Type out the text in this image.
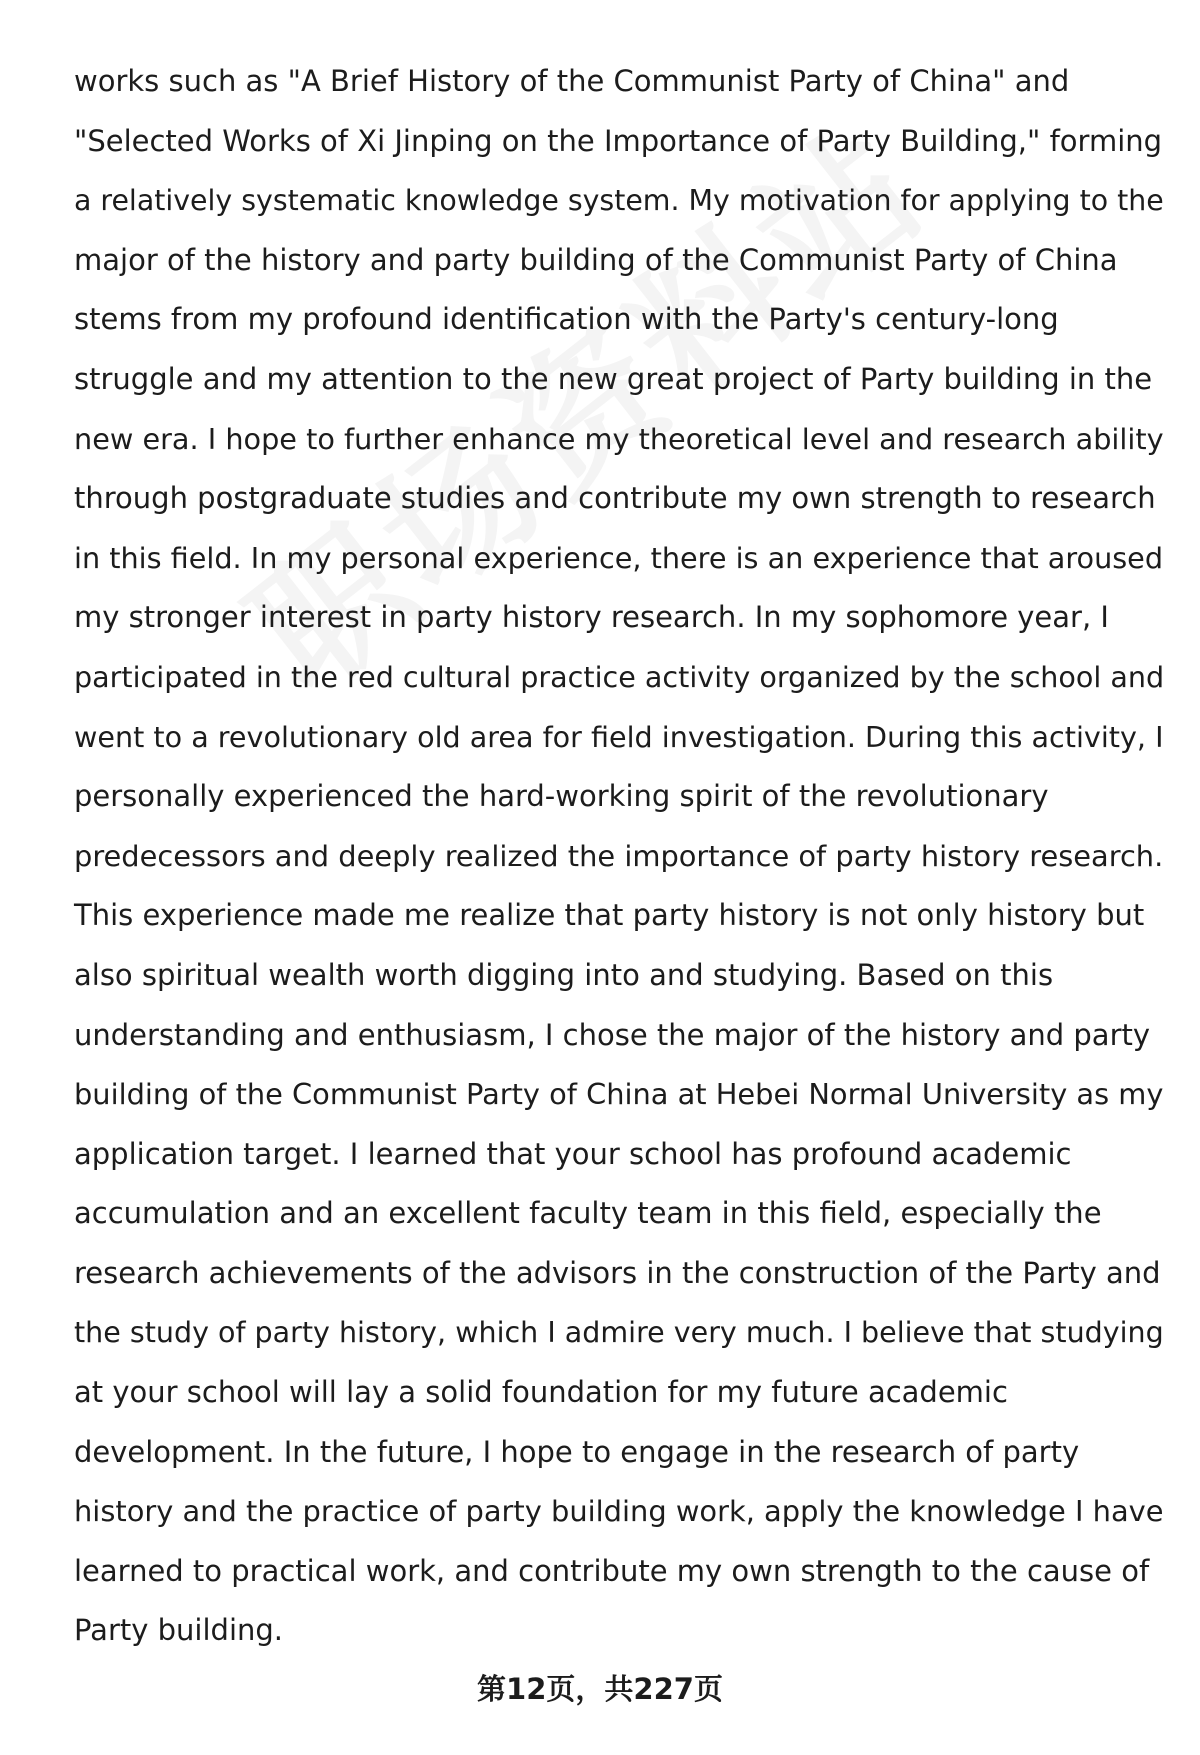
works such as "A Brief History of the Communist Party of China" and
"Selected Works of Xi Jinping on the Importance of Party Building," forming
a relatively systematic knowledge system. My motivation for applying to the
major of the history and party building of the Communist Party of China
stems from my profound identification with the Party's century-long
struggle and my attention to the new great project of Party building in the
new era. I hope to further enhance my theoretical level and research ability
through postgraduate studies and contribute my own strength to research
in this field. In my personal experience, there is an experience that aroused
my stronger interest in party history research. In my sophomore year, I
participated in the red cultural practice activity organized by the school and
went to a revolutionary old area for field investigation. During this activity, I
personally experienced the hard-working spirit of the revolutionary
predecessors and deeply realized the importance of party history research.
This experience made me realize that party history is not only history but
also spiritual wealth worth digging into and studying. Based on this
understanding and enthusiasm, I chose the major of the history and party
building of the Communist Party of China at Hebei Normal University as my
application target. I learned that your school has profound academic
accumulation and an excellent faculty team in this field, especially the
research achievements of the advisors in the construction of the Party and
the study of party history, which I admire very much. I believe that studying
at your school will lay a solid foundation for my future academic
development. In the future, I hope to engage in the research of party
history and the practice of party building work, apply the knowledge I have
learned to practical work, and contribute my own strength to the cause of
Party building.
第12页，共227页
